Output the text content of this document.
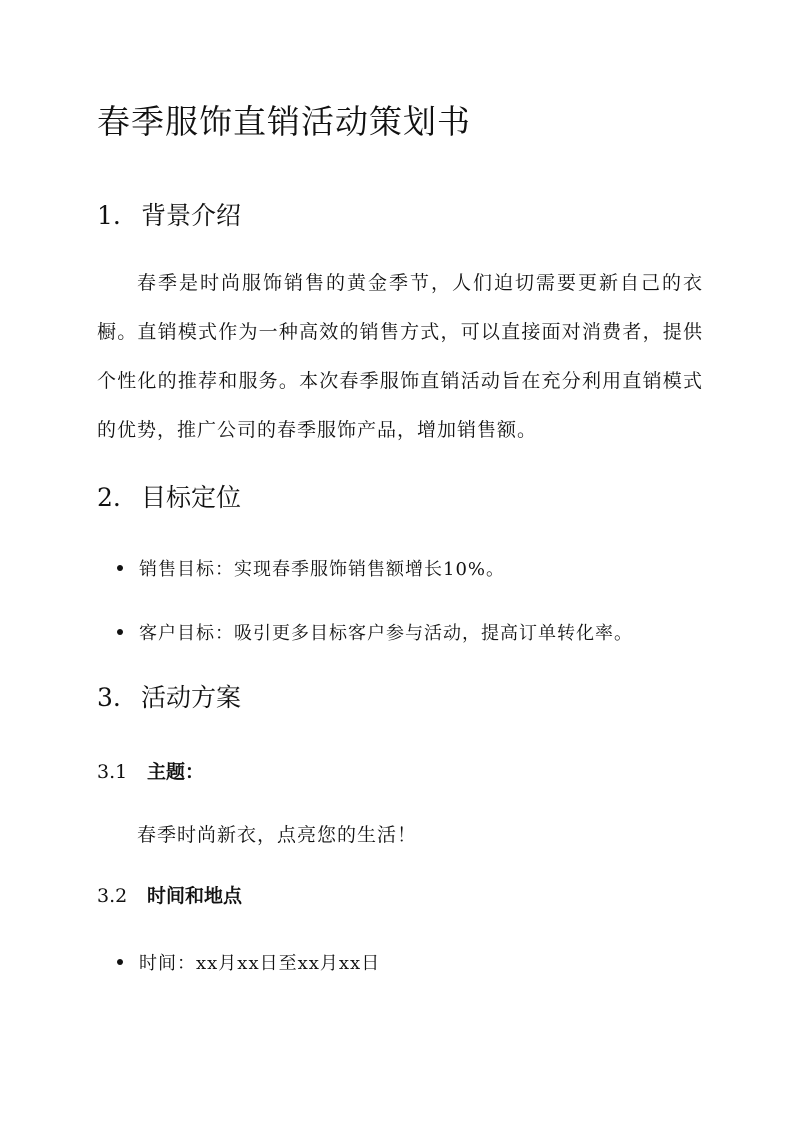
春季服饰直销活动策划书
1. 背景介绍

春季是时尚服饰销售的黄金季节，人们迫切需要更新自己的衣橱。直销模式作为一种高效的销售方式，可以直接面对消费者，提供个性化的推荐和服务。本次春季服饰直销活动旨在充分利用直销模式的优势，推广公司的春季服饰产品，增加销售额。

2. 目标定位

销售目标：实现春季服饰销售额增长10%。

客户目标：吸引更多目标客户参与活动，提高订单转化率。

3. 活动方案
3.1 主题：

春季时尚新衣，点亮您的生活！

3.2 时间和地点

时间：xx月xx日至xx月xx日
